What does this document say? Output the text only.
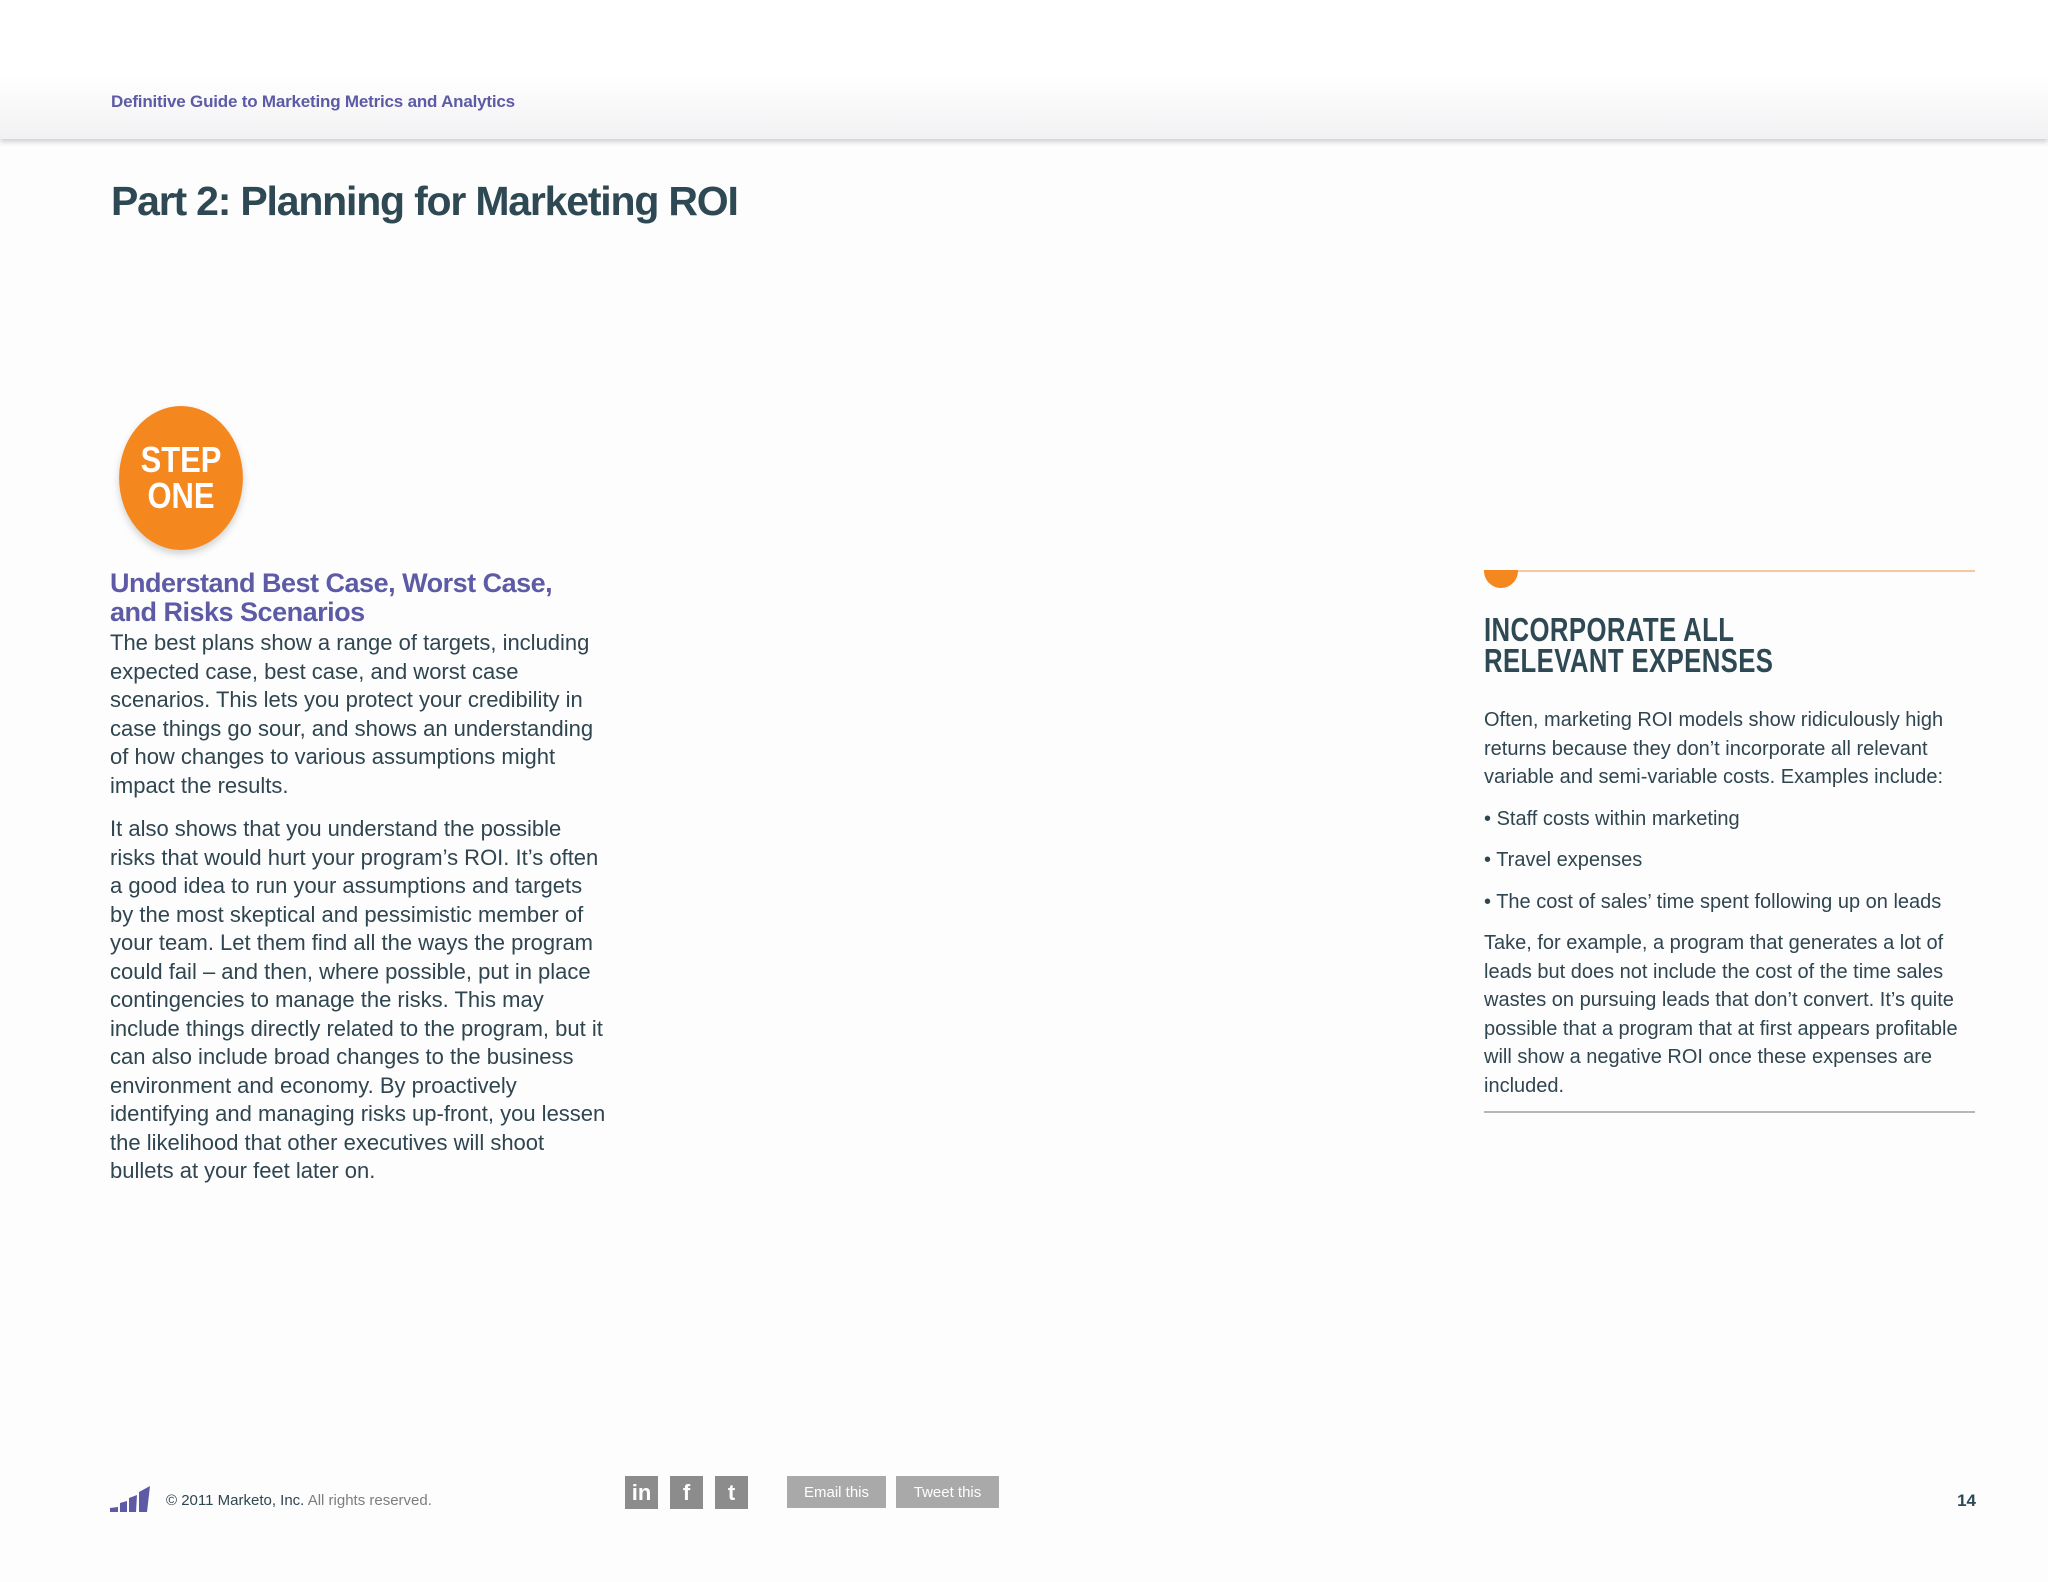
Definitive Guide to Marketing Metrics and Analytics
Part 2: Planning for Marketing ROI
STEP
ONE
Understand Best Case, Worst Case,
and Risks Scenarios

The best plans show a range of targets, including expected case, best case, and worst case scenarios. This lets you protect your credibility in case things go sour, and shows an understanding of how changes to various assumptions might impact the results.

It also shows that you understand the possible risks that would hurt your program’s ROI. It’s often a good idea to run your assumptions and targets by the most skeptical and pessimistic member of your team. Let them find all the ways the program could fail – and then, where possible, put in place contingencies to manage the risks. This may include things directly related to the program, but it can also include broad changes to the business environment and economy. By proactively identifying and managing risks up-front, you lessen the likelihood that other executives will shoot bullets at your feet later on.

INCORPORATE ALL
RELEVANT EXPENSES

Often, marketing ROI models show ridiculously high returns because they don’t incorporate all relevant variable and semi-variable costs. Examples include:

• Staff costs within marketing
• Travel expenses
• The cost of sales’ time spent following up on leads

Take, for example, a program that generates a lot of leads but does not include the cost of the time sales wastes on pursuing leads that don’t convert. It’s quite possible that a program that at first appears profitable will show a negative ROI once these expenses are included.

© 2011 Marketo, Inc. All rights reserved.	in	f	t	Email this	Tweet this	14
